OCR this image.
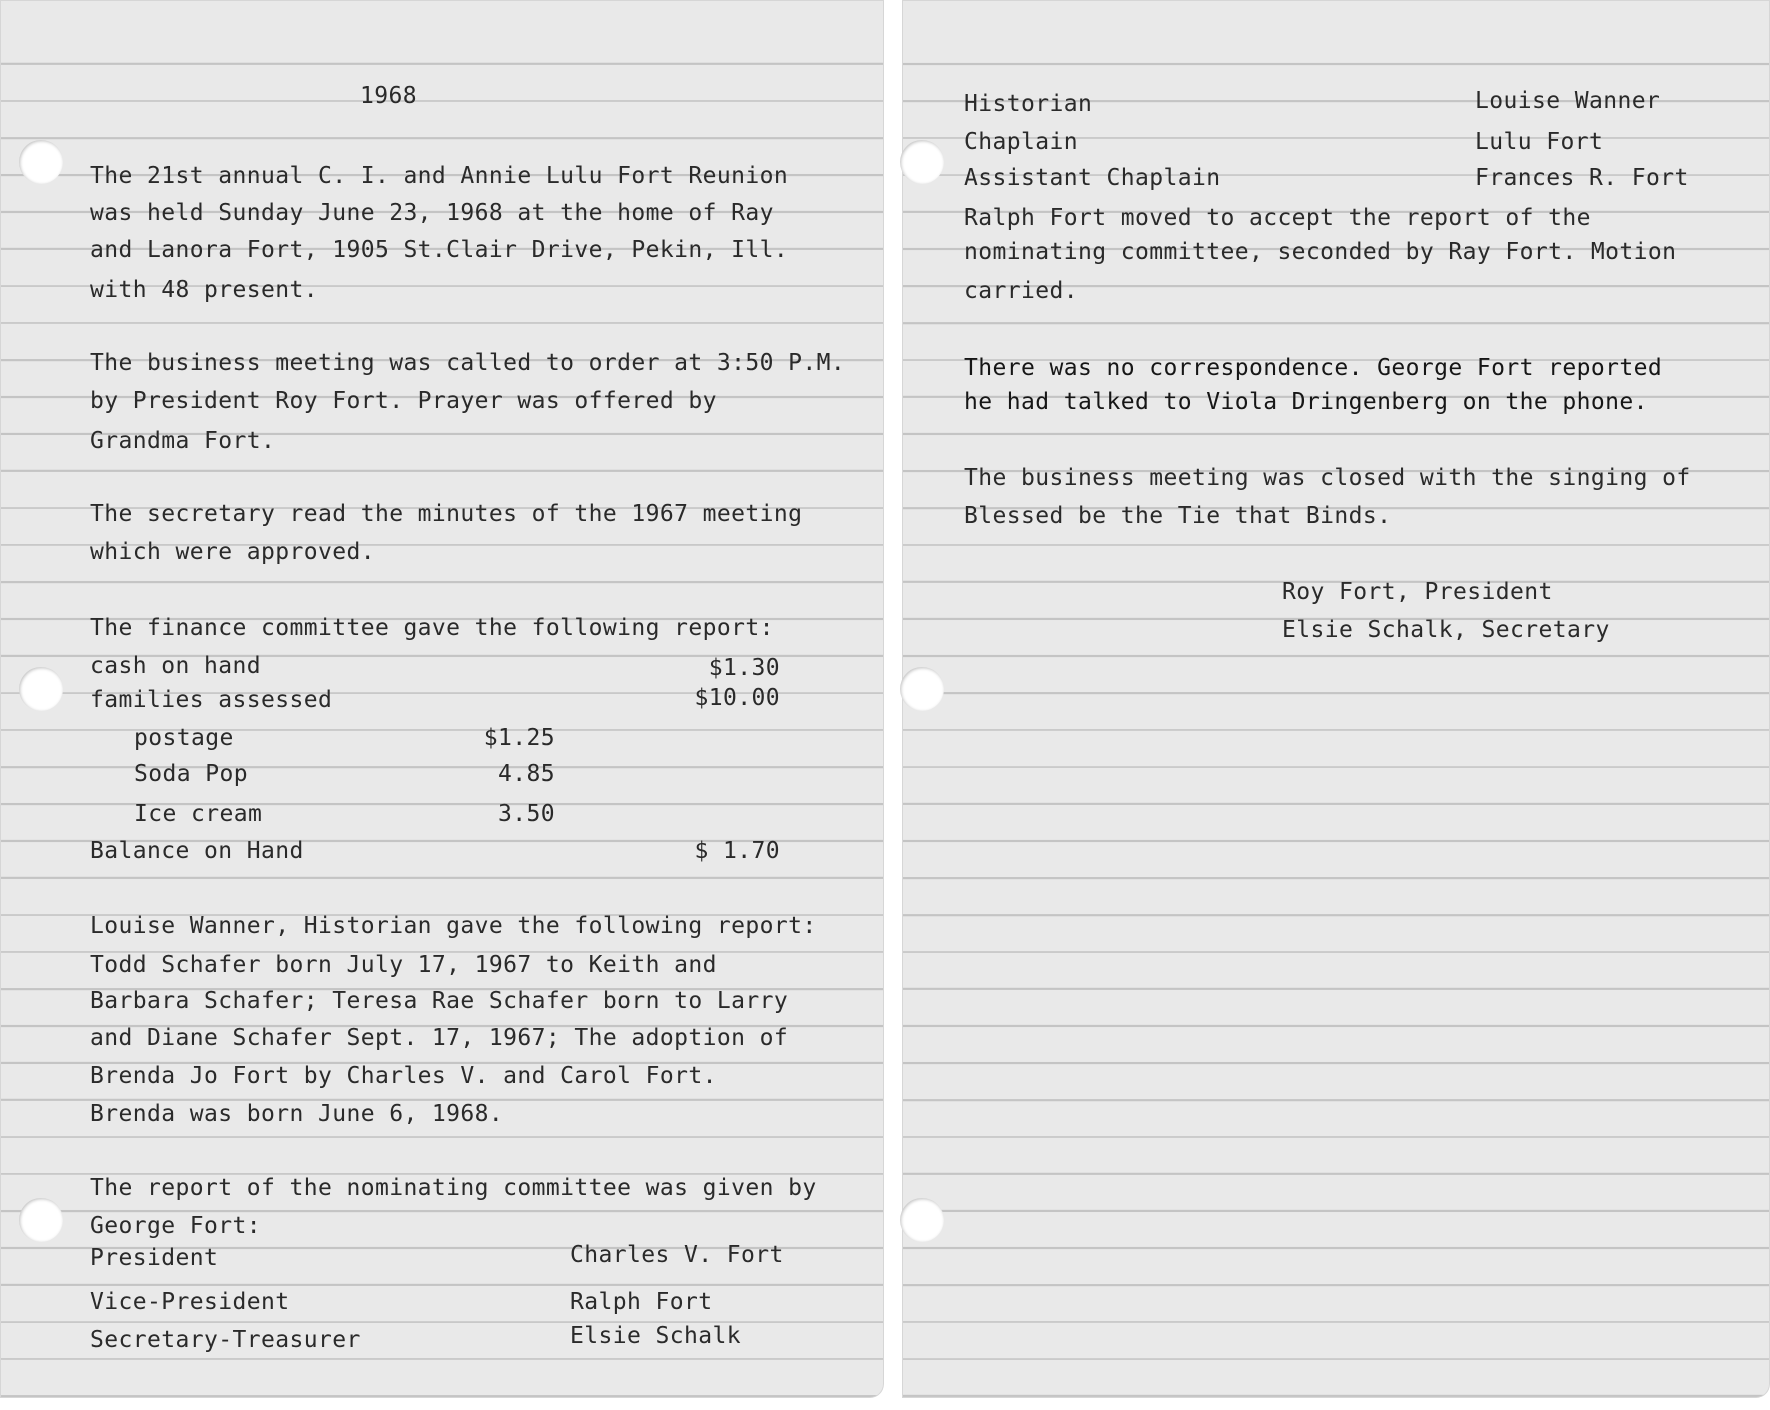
1968
The 21st annual C. I. and Annie Lulu Fort Reunion
was held Sunday June 23, 1968 at the home of Ray
and Lanora Fort, 1905 St.Clair Drive, Pekin, Ill.
with 48 present.
The business meeting was called to order at 3:50 P.M.
by President Roy Fort. Prayer was offered by
Grandma Fort.
The secretary read the minutes of the 1967 meeting
which were approved.
The finance committee gave the following report:
cash on hand	$1.30
families assessed	$10.00
postage	$1.25
Soda Pop	4.85
Ice cream	3.50
Balance on Hand	$ 1.70
Louise Wanner, Historian gave the following report:
Todd Schafer born July 17, 1967 to Keith and
Barbara Schafer; Teresa Rae Schafer born to Larry
and Diane Schafer Sept. 17, 1967; The adoption of
Brenda Jo Fort by Charles V. and Carol Fort.
Brenda was born June 6, 1968.
The report of the nominating committee was given by
George Fort:
President	Charles V. Fort
Vice-President	Ralph Fort
Secretary-Treasurer	Elsie Schalk
Historian	Louise Wanner
Chaplain	Lulu Fort
Assistant Chaplain	Frances R. Fort
Ralph Fort moved to accept the report of the
nominating committee, seconded by Ray Fort. Motion
carried.
There was no correspondence. George Fort reported
he had talked to Viola Dringenberg on the phone.
The business meeting was closed with the singing of
Blessed be the Tie that Binds.
Roy Fort, President
Elsie Schalk, Secretary
